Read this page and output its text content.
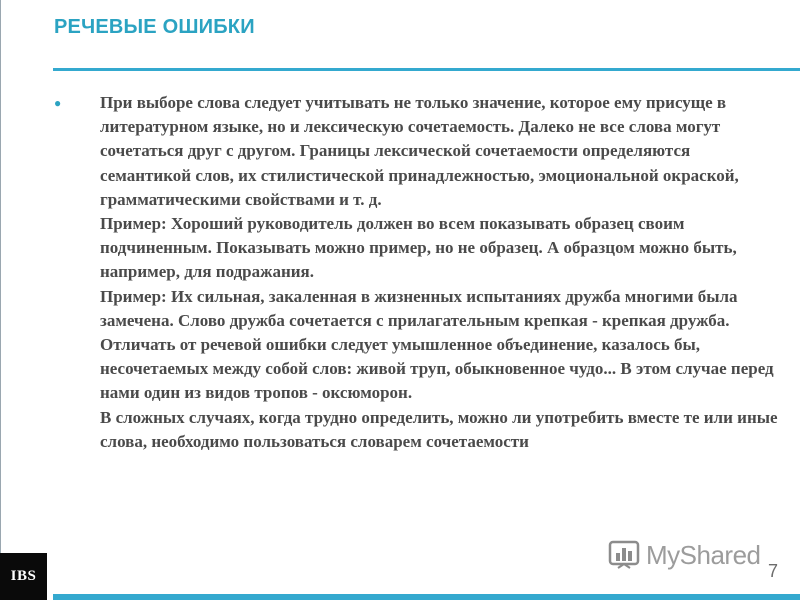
РЕЧЕВЫЕ ОШИБКИ
●	При выборе слова следует учитывать не только значение, которое ему присуще в литературном языке, но и лексическую сочетаемость. Далеко не все слова могут сочетаться друг с другом. Границы лексической сочетаемости определяются семантикой слов, их стилистической принадлежностью, эмоциональной окраской, грамматическими свойствами и т. д.

Пример: Хороший руководитель должен во всем показывать образец своим подчиненным. Показывать можно пример, но не образец. А образцом можно быть, например, для подражания.

Пример: Их сильная, закаленная в жизненных испытаниях дружба многими была замечена. Слово дружба сочетается с прилагательным крепкая - крепкая дружба.

Отличать от речевой ошибки следует умышленное объединение, казалось бы, несочетаемых между собой слов: живой труп, обыкновенное чудо... В этом случае перед нами один из видов тропов - оксюморон.

В сложных случаях, когда трудно определить, можно ли употребить вместе те или иные слова, необходимо пользоваться словарем сочетаемости

MyShared
7
IBS
